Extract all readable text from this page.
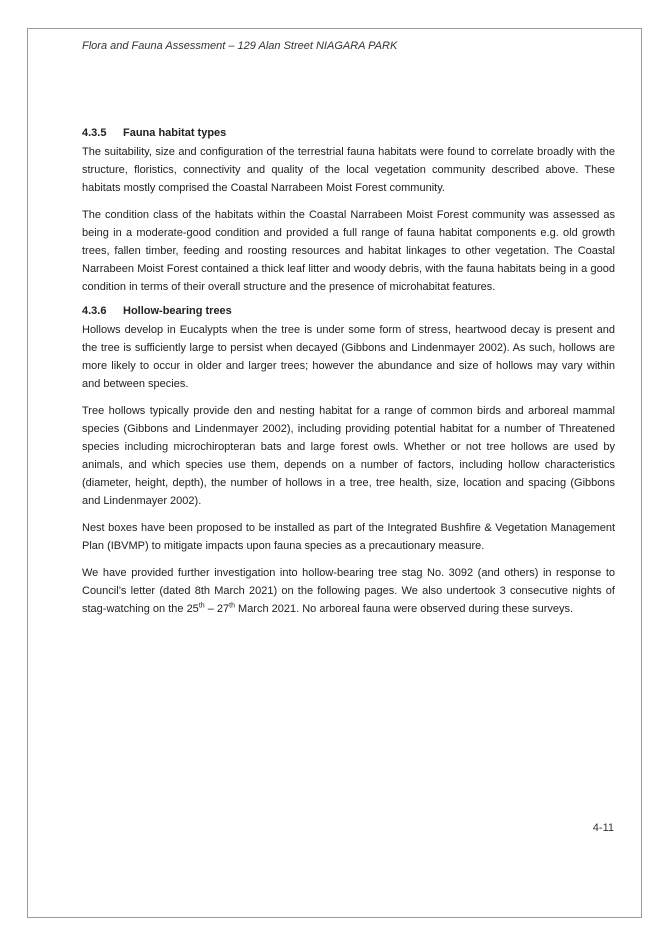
Flora and Fauna Assessment – 129 Alan Street NIAGARA PARK
4.3.5 Fauna habitat types

The suitability, size and configuration of the terrestrial fauna habitats were found to correlate broadly with the structure, floristics, connectivity and quality of the local vegetation community described above. These habitats mostly comprised the Coastal Narrabeen Moist Forest community.

The condition class of the habitats within the Coastal Narrabeen Moist Forest community was assessed as being in a moderate-good condition and provided a full range of fauna habitat components e.g. old growth trees, fallen timber, feeding and roosting resources and habitat linkages to other vegetation. The Coastal Narrabeen Moist Forest contained a thick leaf litter and woody debris, with the fauna habitats being in a good condition in terms of their overall structure and the presence of microhabitat features.

4.3.6 Hollow-bearing trees

Hollows develop in Eucalypts when the tree is under some form of stress, heartwood decay is present and the tree is sufficiently large to persist when decayed (Gibbons and Lindenmayer 2002). As such, hollows are more likely to occur in older and larger trees; however the abundance and size of hollows may vary within and between species.

Tree hollows typically provide den and nesting habitat for a range of common birds and arboreal mammal species (Gibbons and Lindenmayer 2002), including providing potential habitat for a number of Threatened species including microchiropteran bats and large forest owls. Whether or not tree hollows are used by animals, and which species use them, depends on a number of factors, including hollow characteristics (diameter, height, depth), the number of hollows in a tree, tree health, size, location and spacing (Gibbons and Lindenmayer 2002).

Nest boxes have been proposed to be installed as part of the Integrated Bushfire & Vegetation Management Plan (IBVMP) to mitigate impacts upon fauna species as a precautionary measure.

We have provided further investigation into hollow-bearing tree stag No. 3092 (and others) in response to Council’s letter (dated 8th March 2021) on the following pages. We also undertook 3 consecutive nights of stag-watching on the 25th – 27th March 2021. No arboreal fauna were observed during these surveys.

4-11
